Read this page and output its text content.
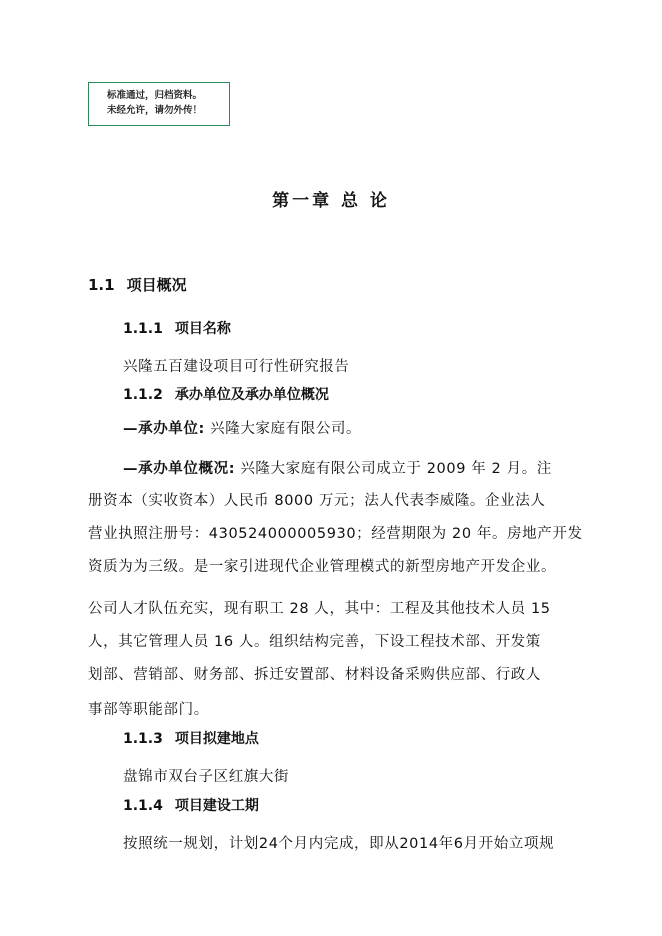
标准通过，归档资料。
未经允许，请勿外传！
第一章 总 论
1.1 项目概况
1.1.1 项目名称
兴隆五百建设项目可行性研究报告
1.1.2 承办单位及承办单位概况
—承办单位: 兴隆大家庭有限公司。
—承办单位概况: 兴隆大家庭有限公司成立于 2009 年 2 月。注
册资本（实收资本）人民币 8000 万元；法人代表李威隆。企业法人
营业执照注册号：430524000005930；经营期限为 20 年。房地产开发
资质为为三级。是一家引进现代企业管理模式的新型房地产开发企业。
公司人才队伍充实，现有职工 28 人，其中：工程及其他技术人员 15
人，其它管理人员 16 人。组织结构完善，下设工程技术部、开发策
划部、营销部、财务部、拆迁安置部、材料设备采购供应部、行政人
事部等职能部门。
1.1.3 项目拟建地点
盘锦市双台子区红旗大街
1.1.4 项目建设工期
按照统一规划，计划24个月内完成，即从2014年6月开始立项规
